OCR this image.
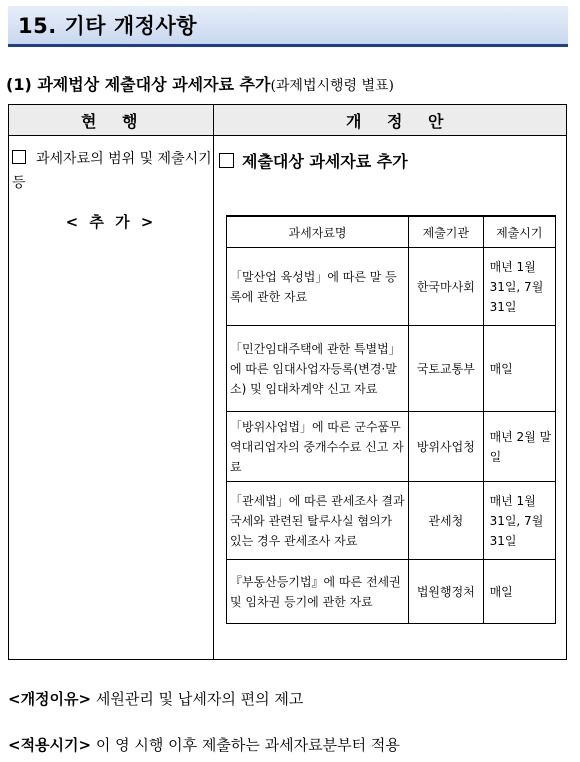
15. 기타 개정사항
(1) 과제법상 제출대상 과세자료 추가(과제법시행령 별표)
현 행	개 정 안
과세자료의 범위 및 제출시기 등
< 추 가 >
제출대상 과세자료 추가
과세자료명	제출기관	제출시기
「말산업 육성법」에 따른 말 등록에 관한 자료	한국마사회	매년 1월 31일, 7월 31일
「민간임대주택에 관한 특별법」에 따른 임대사업자등록(변경·말소) 및 임대차계약 신고 자료	국토교통부	매일
「방위사업법」에 따른 군수품무역대리업자의 중개수수료 신고 자료	방위사업청	매년 2월 말일
「관세법」에 따른 관세조사 결과 국세와 관련된 탈루사실 혐의가 있는 경우 관세조사 자료	관세청	매년 1월 31일, 7월 31일
『부동산등기법』에 따른 전세권 및 임차권 등기에 관한 자료	법원행정처	매일
<개정이유> 세원관리 및 납세자의 편의 제고
<적용시기> 이 영 시행 이후 제출하는 과세자료분부터 적용
